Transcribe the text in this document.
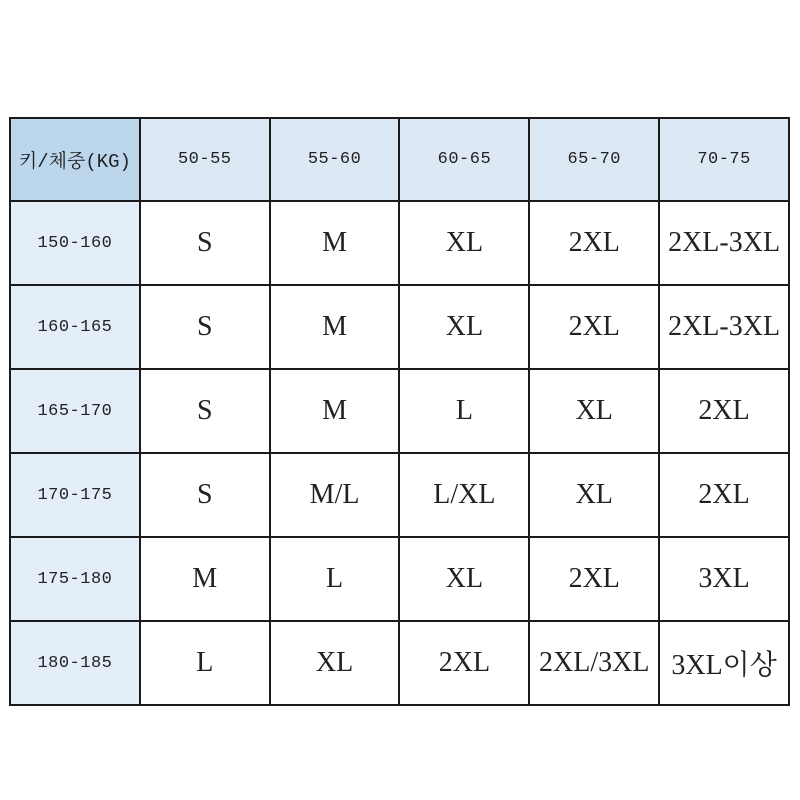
키/체중(KG)	50-55	55-60	60-65	65-70	70-75
150-160	S	M	XL	2XL	2XL-3XL
160-165	S	M	XL	2XL	2XL-3XL
165-170	S	M	L	XL	2XL
170-175	S	M/L	L/XL	XL	2XL
175-180	M	L	XL	2XL	3XL
180-185	L	XL	2XL	2XL/3XL	3XL이상
